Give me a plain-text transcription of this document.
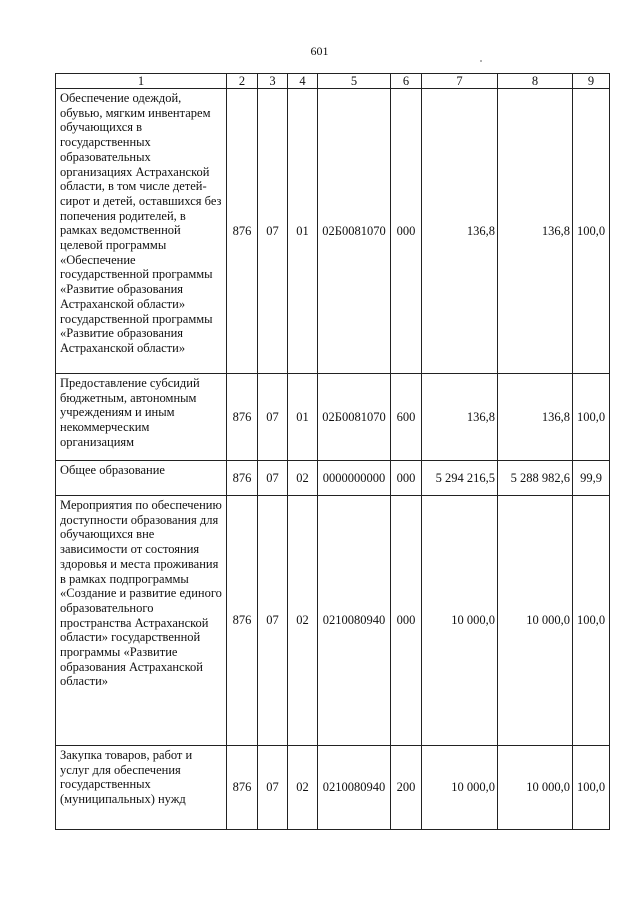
601
1	2	3	4	5	6	7	8	9
Обеспечение одеждой, обувью, мягким инвентарем обучающихся в государственных образовательных организациях Астраханской области, в том числе детей-сирот и детей, оставшихся без попечения родителей, в рамках ведомственной целевой программы «Обеспечение государственной программы «Развитие образования Астраханской области» государственной программы «Развитие образования Астраханской области»	876	07	01	02Б0081070	000	136,8	136,8	100,0
Предоставление субсидий бюджетным, автономным учреждениям и иным некоммерческим организациям	876	07	01	02Б0081070	600	136,8	136,8	100,0
Общее образование	876	07	02	0000000000	000	5 294 216,5	5 288 982,6	99,9
Мероприятия по обеспечению доступности образования для обучающихся вне зависимости от состояния здоровья и места проживания в рамках подпрограммы «Создание и развитие единого образовательного пространства Астраханской области» государственной программы «Развитие образования Астраханской области»	876	07	02	0210080940	000	10 000,0	10 000,0	100,0
Закупка товаров, работ и услуг для обеспечения государственных (муниципальных) нужд	876	07	02	0210080940	200	10 000,0	10 000,0	100,0
